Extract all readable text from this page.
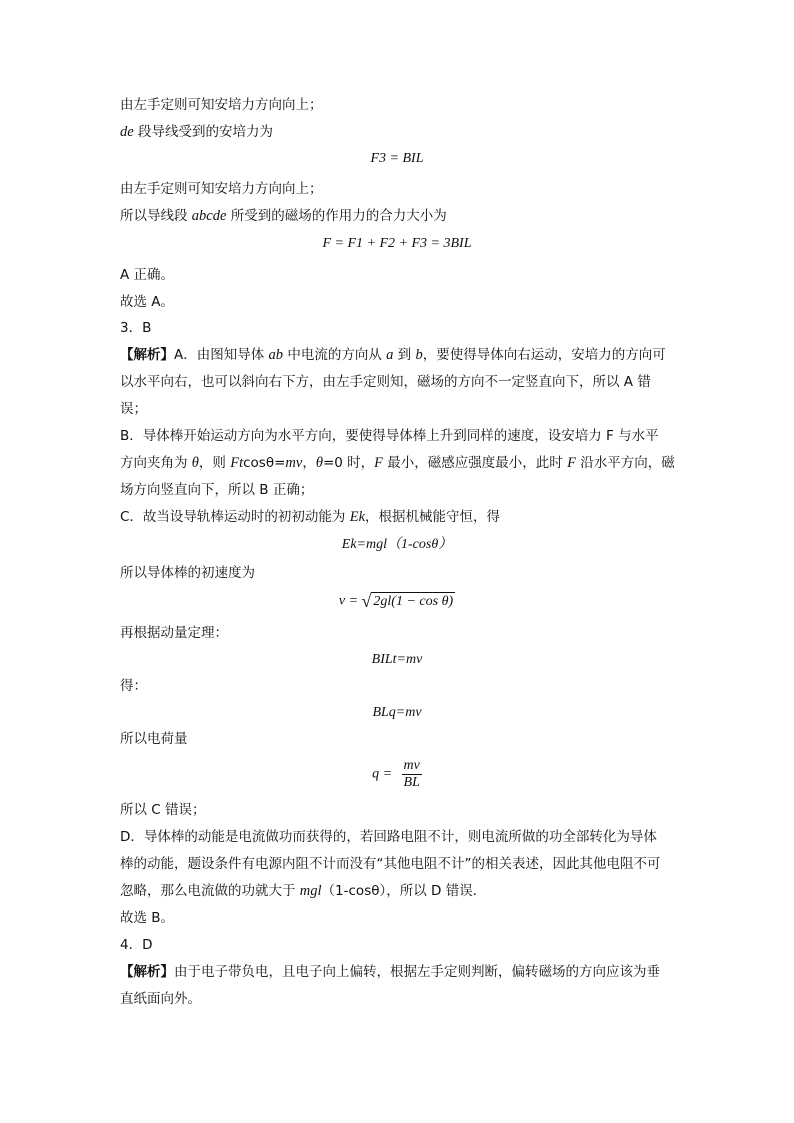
由左手定则可知安培力方向向上；
de 段导线受到的安培力为
F3 = BIL
由左手定则可知安培力方向向上；
所以导线段 abcde 所受到的磁场的作用力的合力大小为
F = F1 + F2 + F3 = 3BIL
A 正确。
故选 A。
3．B
【解析】A．由图知导体 ab 中电流的方向从 a 到 b，要使得导体向右运动，安培力的方向可
以水平向右，也可以斜向右下方，由左手定则知，磁场的方向不一定竖直向下，所以 A 错
误；
B．导体棒开始运动方向为水平方向，要使得导体棒上升到同样的速度，设安培力 F 与水平
方向夹角为 θ，则 Ftcosθ=mv，θ=0 时，F 最小，磁感应强度最小，此时 F 沿水平方向，磁
场方向竖直向下，所以 B 正确；
C．故当设导轨棒运动时的初初动能为 Ek，根据机械能守恒，得
Ek=mgl（1-cosθ）
所以导体棒的初速度为
v = √ 2gl(1 − cos θ)
再根据动量定理：
BILt=mv
得：
BLq=mv
所以电荷量
$q = \frac{mv}{BL}$
所以 C 错误；
D．导体棒的动能是电流做功而获得的，若回路电阻不计，则电流所做的功全部转化为导体
棒的动能，题设条件有电源内阻不计而没有“其他电阻不计”的相关表述，因此其他电阻不可
忽略，那么电流做的功就大于 mgl（1-cosθ），所以 D 错误．
故选 B。
4．D
【解析】由于电子带负电，且电子向上偏转，根据左手定则判断，偏转磁场的方向应该为垂
直纸面向外。
